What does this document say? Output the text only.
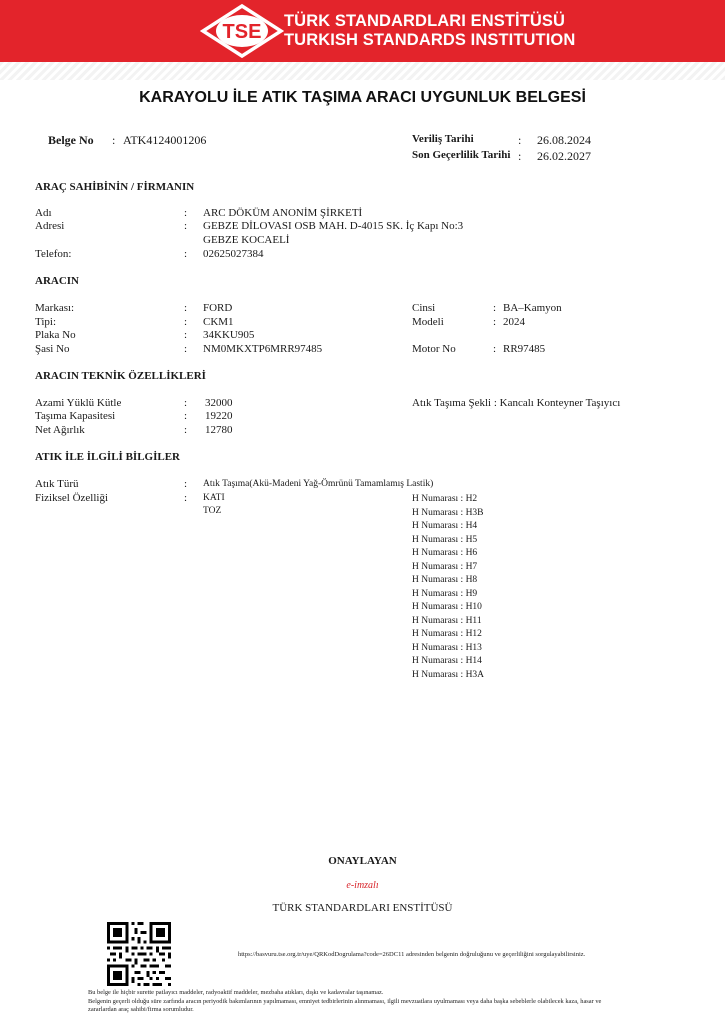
TSE TÜRK STANDARDLARI ENSTİTÜSÜ
TURKISH STANDARDS INSTITUTION
KARAYOLU İLE ATIK TAŞIMA ARACI UYGUNLUK BELGESİ
Belge No : ATK4124001206	Veriliş Tarihi	: 26.08.2024
Son Geçerlilik Tarihi : 26.02.2027
ARAÇ SAHİBİNİN / FİRMANIN
Adı	: ARC DÖKÜM ANONİM ŞİRKETİ
Adresi	: GEBZE DİLOVASI OSB MAH. D-4015 SK. İç Kapı No:3
GEBZE KOCAELİ
Telefon:	: 02625027384
ARACIN
Markası:	: FORD
Tipi:	: CKM1
Plaka No	: 34KKU905
Şasi No	: NM0MKXTP6MRR97485
Cinsi	: BA–Kamyon
Modeli	: 2024
Motor No	: RR97485
ARACIN TEKNİK ÖZELLİKLERİ
Azami Yüklü Kütle	: 32000
Taşıma Kapasitesi	: 19220
Net Ağırlık	: 12780
Atık Taşıma Şekli : Kancalı Konteyner Taşıyıcı
ATIK İLE İLGİLİ BİLGİLER
Atık Türü	: Atık Taşıma(Akü-Madeni Yağ-Ömrünü Tamamlamış Lastik)
Fiziksel Özelliği	: KATI
TOZ
H Numarası : H2
H Numarası : H3B
H Numarası : H4
H Numarası : H5
H Numarası : H6
H Numarası : H7
H Numarası : H8
H Numarası : H9
H Numarası : H10
H Numarası : H11
H Numarası : H12
H Numarası : H13
H Numarası : H14
H Numarası : H3A
ONAYLAYAN
e-imzalı
TÜRK STANDARDLARI ENSTİTÜSÜ
https://basvuru.tse.org.tr/uye/QRKodDogrulama?code=26DC11 adresinden belgenin doğruluğunu ve geçerliliğini sorgulayabilirsiniz.
Bu belge ile hiçbir surette patlayıcı maddeler, radyoaktif maddeler, mezbaha atıkları, dışkı ve kadavralar taşınamaz.
Belgenin geçerli olduğu süre zarfında aracın periyodik bakımlarının yapılmaması, emniyet tedbirlerinin alınmaması, ilgili mevzuatlara uyulmaması veya daha başka sebeblerle olabilecek kaza, hasar ve
zararlardan araç sahibi/firma sorumludur.
